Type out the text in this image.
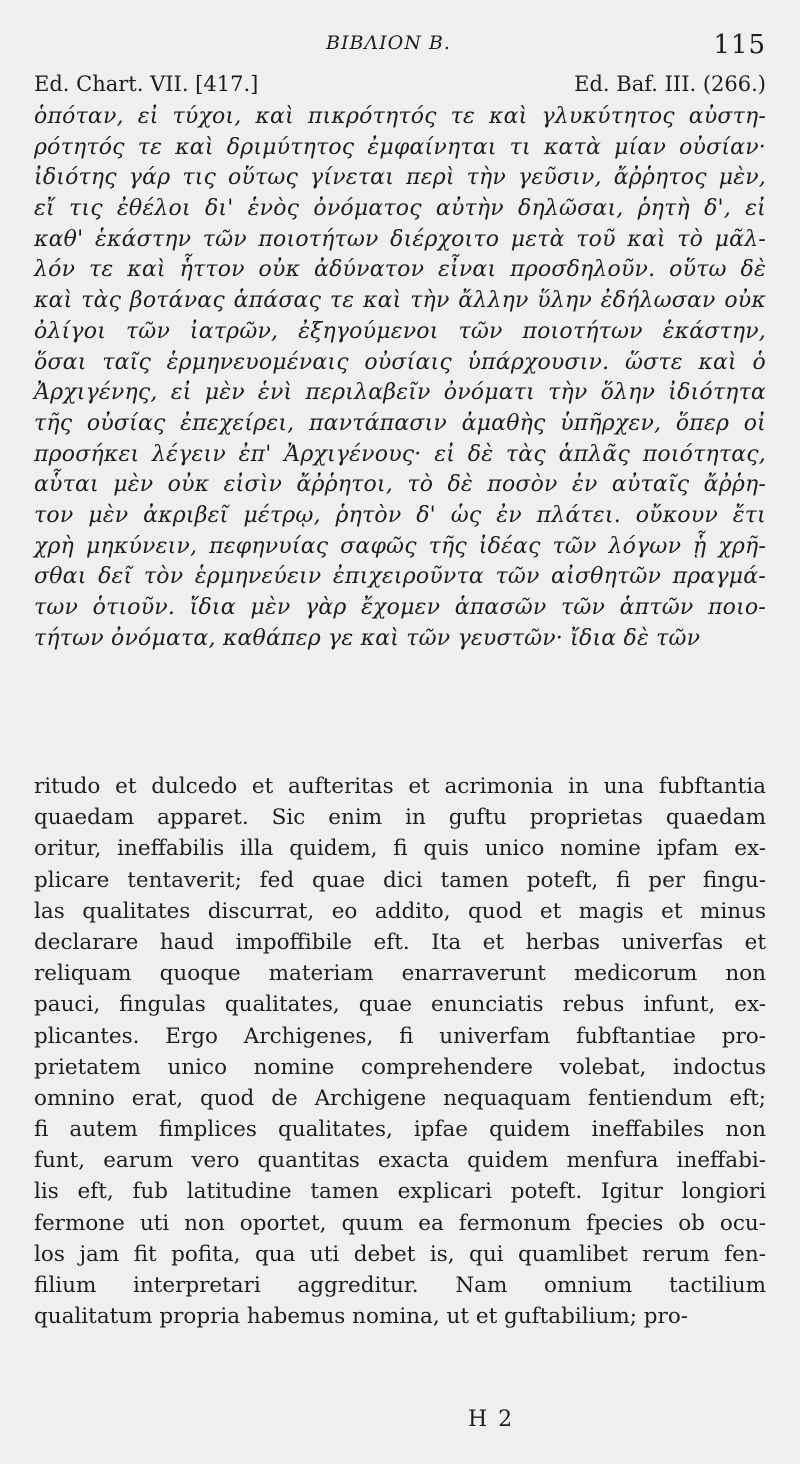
BIBΛΙΟΝ B.	115
Ed. Chart. VII. [417.]	Ed. Baf. III. (266.)
ὁπόταν, εἰ τύχοι, καὶ πικρότητός τε καὶ γλυκύτητος αὐστη-
ρότητός τε καὶ δριμύτητος ἐμφαίνηται τι κατὰ μίαν οὐσίαν·
ἰδιότης γάρ τις οὕτως γίνεται περὶ τὴν γεῦσιν, ἄῤῥητος μὲν,
εἴ τις ἐθέλοι δι' ἑνὸς ὀνόματος αὐτὴν δηλῶσαι, ῥητὴ δ', εἰ
καθ' ἑκάστην τῶν ποιοτήτων διέρχοιτο μετὰ τοῦ καὶ τὸ μᾶλ-
λόν τε καὶ ἧττον οὐκ ἀδύνατον εἶναι προσδηλοῦν. οὕτω δὲ
καὶ τὰς βοτάνας ἁπάσας τε καὶ τὴν ἄλλην ὕλην ἐδήλωσαν οὐκ
ὀλίγοι τῶν ἰατρῶν, ἐξηγούμενοι τῶν ποιοτήτων ἑκάστην,
ὅσαι ταῖς ἑρμηνευομέναις οὐσίαις ὑπάρχουσιν. ὥστε καὶ ὁ
Ἀρχιγένης, εἰ μὲν ἑνὶ περιλαβεῖν ὀνόματι τὴν ὅλην ἰδιότητα
τῆς οὐσίας ἐπεχείρει, παντάπασιν ἀμαθὴς ὑπῆρχεν, ὅπερ οἰ
προσήκει λέγειν ἐπ' Ἀρχιγένους· εἰ δὲ τὰς ἁπλᾶς ποιότητας,
αὗται μὲν οὐκ εἰσὶν ἄῤῥητοι, τὸ δὲ ποσὸν ἐν αὐταῖς ἄῤῥη-
τον μὲν ἀκριβεῖ μέτρῳ, ῥητὸν δ' ὡς ἐν πλάτει. οὔκουν ἔτι
χρὴ μηκύνειν, πεφηνυίας σαφῶς τῆς ἰδέας τῶν λόγων ᾗ χρῆ-
σθαι δεῖ τὸν ἑρμηνεύειν ἐπιχειροῦντα τῶν αἰσθητῶν πραγμά-
των ὁτιοῦν. ἴδια μὲν γὰρ ἔχομεν ἁπασῶν τῶν ἁπτῶν ποιο-
τήτων ὀνόματα, καθάπερ γε καὶ τῶν γευστῶν· ἴδια δὲ τῶν
ritudo et dulcedo et aufteritas et acrimonia in una fubftantia
quaedam apparet. Sic enim in guftu proprietas quaedam
oritur, ineffabilis illa quidem, fi quis unico nomine ipfam ex-
plicare tentaverit; fed quae dici tamen poteft, fi per fingu-
las qualitates discurrat, eo addito, quod et magis et minus
declarare haud impoffibile eft. Ita et herbas univerfas et
reliquam quoque materiam enarraverunt medicorum non
pauci, fingulas qualitates, quae enunciatis rebus infunt, ex-
plicantes. Ergo Archigenes, fi univerfam fubftantiae pro-
prietatem unico nomine comprehendere volebat, indoctus
omnino erat, quod de Archigene nequaquam fentiendum eft;
fi autem fimplices qualitates, ipfae quidem ineffabiles non
funt, earum vero quantitas exacta quidem menfura ineffabi-
lis eft, fub latitudine tamen explicari poteft. Igitur longiori
fermone uti non oportet, quum ea fermonum fpecies ob ocu-
los jam fit pofita, qua uti debet is, qui quamlibet rerum fen-
filium interpretari aggreditur. Nam omnium tactilium
qualitatum propria habemus nomina, ut et guftabilium; pro-
H 2
